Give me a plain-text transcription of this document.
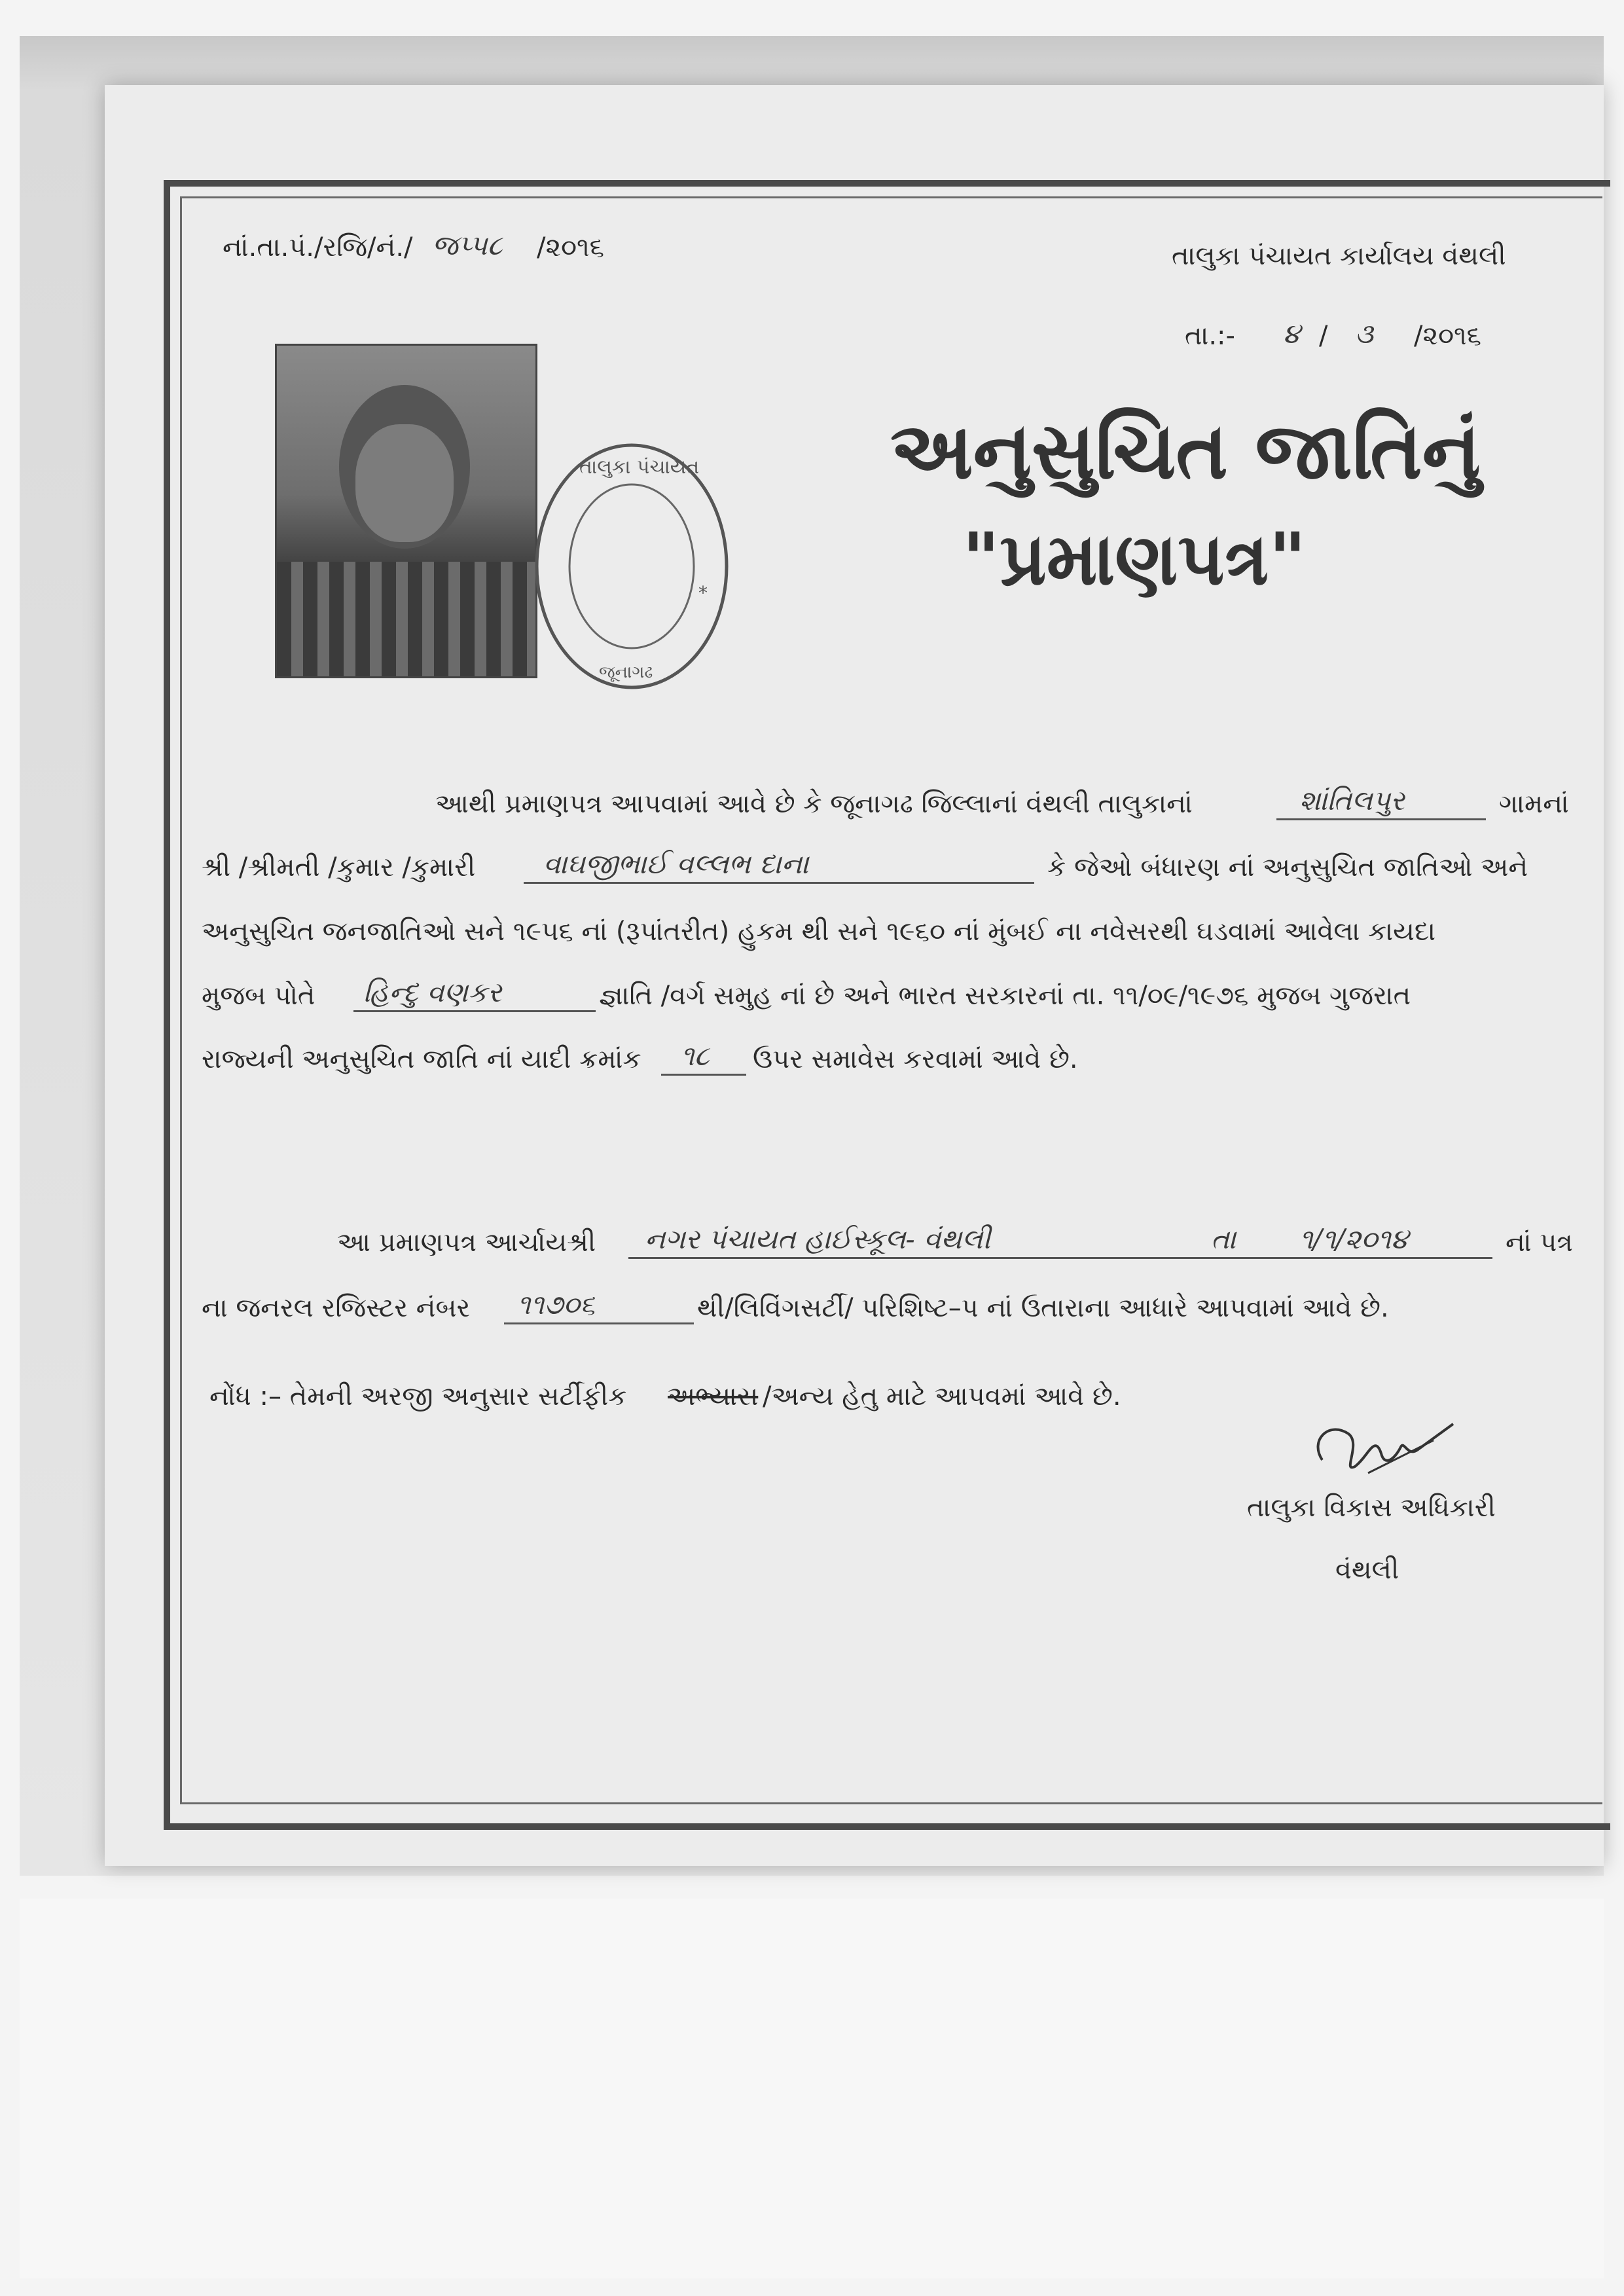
નાં.તા.પં./રજિ/નં./ જપ્પ૮ /૨૦૧૬	તાલુકા પંચાયત કાર્યાલય વંથલી
તા.:- ૪ / ૩ /૨૦૧૬
તાલુકા પંચાયત
જૂનાગઢ
*
અનુસુચિત જાતિનું
"પ્રમાણપત્ર"
આથી પ્રમાણપત્ર આપવામાં આવે છે કે જૂનાગઢ જિલ્લાનાં વંથલી તાલુકાનાં	શાંતિલપુર	ગામનાં
શ્રી /શ્રીમતી /કુમાર /કુમારી વાઘજીભાઈ વલ્લભ દાના	કે જેઓ બંધારણ નાં અનુસુચિત જાતિઓ અને
અનુસુચિત જનજાતિઓ સને ૧૯૫૬ નાં (રૂપાંતરીત) હુકમ થી સને ૧૯૬૦ નાં મુંબઈ ના નવેસરથી ઘડવામાં આવેલા કાયદા
મુજબ પોતે હિન્દુ વણકર	જ્ઞાતિ /વર્ગ સમુહ નાં છે અને ભારત સરકારનાં તા. ૧૧/૦૯/૧૯૭૬ મુજબ ગુજરાત
રાજ્યની અનુસુચિત જાતિ નાં યાદી ક્રમાંક ૧૮ ઉપર સમાવેસ કરવામાં આવે છે.
આ પ્રમાણપત્ર આર્ચાયશ્રી નગર પંચાયત હાઈસ્કૂલ- વંથલી	તા ૧/૧/૨૦૧૪	નાં પત્ર
ના જનરલ રજિસ્ટર નંબર ૧૧૭૦૬	થી/લિવિંગસર્ટી/ પરિશિષ્ટ–પ નાં ઉતારાના આધારે આપવામાં આવે છે.
નોંધ :– તેમની અરજી અનુસાર સર્ટીફીક અભ્યાસ /અન્ય હેતુ માટે આપવમાં આવે છે.
તાલુકા વિકાસ અધિકારી
વંથલી
